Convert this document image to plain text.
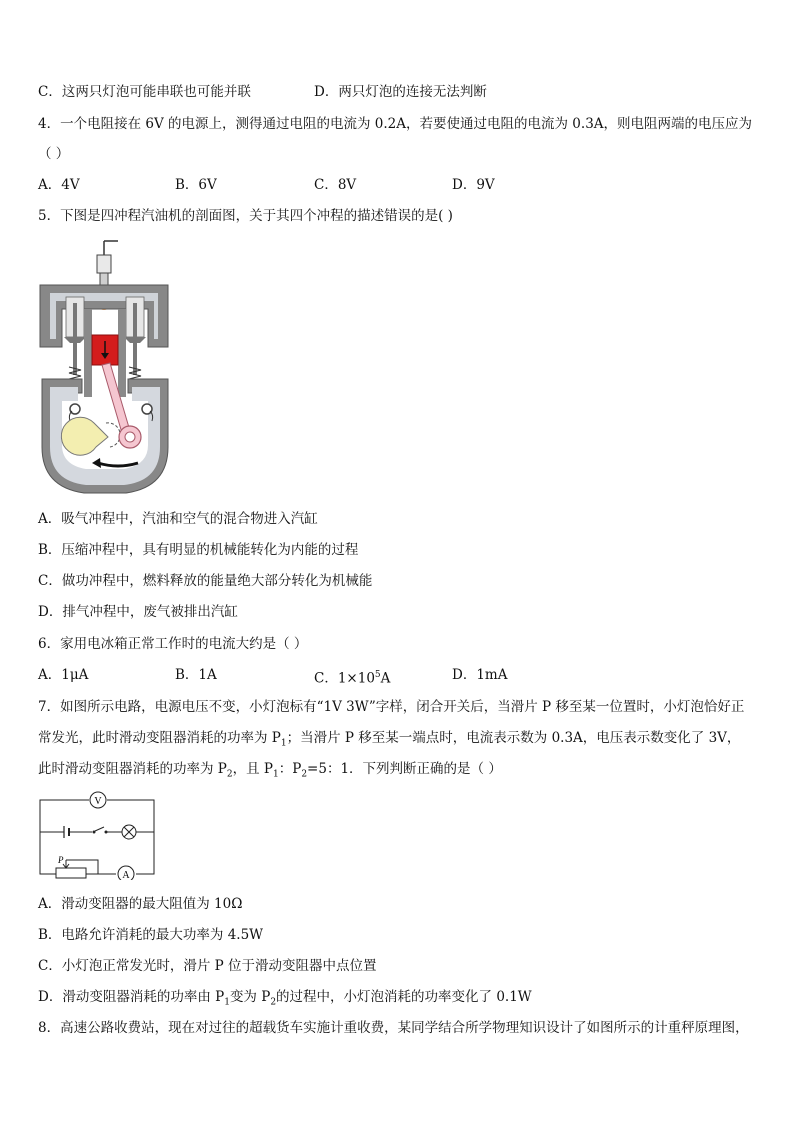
C．这两只灯泡可能串联也可能并联	D．两只灯泡的连接无法判断
4．一个电阻接在 6V 的电源上，测得通过电阻的电流为 0.2A，若要使通过电阻的电流为 0.3A，则电阻两端的电压应为
（ ）
A．4V	B．6V	C．8V	D．9V
5．下图是四冲程汽油机的剖面图，关于其四个冲程的描述错误的是( )
A．吸气冲程中，汽油和空气的混合物进入汽缸
B．压缩冲程中，具有明显的机械能转化为内能的过程
C．做功冲程中，燃料释放的能量绝大部分转化为机械能
D．排气冲程中，废气被排出汽缸
6．家用电冰箱正常工作时的电流大约是（ ）
A．1μA	B．1A	C．$1\times 10^5A$	D．1mA
7．如图所示电路，电源电压不变，小灯泡标有“1V 3W”字样，闭合开关后，当滑片 P 移至某一位置时，小灯泡恰好正
常发光，此时滑动变阻器消耗的功率为 $P_1$；当滑片 P 移至某一端点时，电流表示数为 0.3A，电压表示数变化了 3V，
此时滑动变阻器消耗的功率为 $P_2$，且 $P_1$：$P_2=5$：1．下列判断正确的是（ ）
V
P
A
A．滑动变阻器的最大阻值为 10Ω
B．电路允许消耗的最大功率为 4.5W
C．小灯泡正常发光时，滑片 P 位于滑动变阻器中点位置
D．滑动变阻器消耗的功率由 $P_1$变为 $P_2$的过程中，小灯泡消耗的功率变化了 0.1W
8．高速公路收费站，现在对过往的超载货车实施计重收费，某同学结合所学物理知识设计了如图所示的计重秤原理图，
